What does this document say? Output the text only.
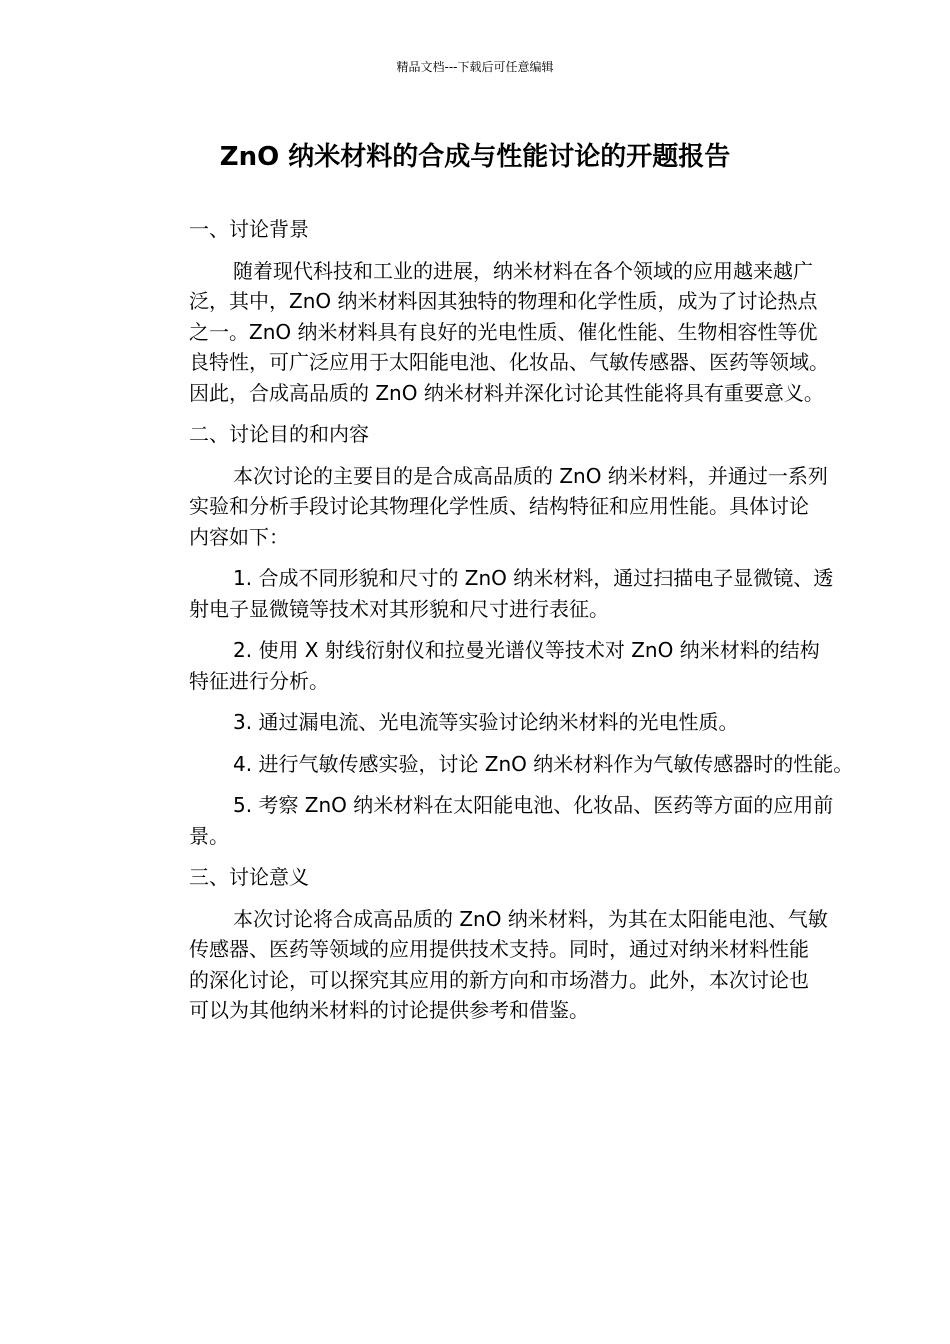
精品文档---下载后可任意编辑
ZnO 纳米材料的合成与性能讨论的开题报告
一、讨论背景
随着现代科技和工业的进展，纳米材料在各个领域的应用越来越广
泛，其中，ZnO 纳米材料因其独特的物理和化学性质，成为了讨论热点
之一。ZnO 纳米材料具有良好的光电性质、催化性能、生物相容性等优
良特性，可广泛应用于太阳能电池、化妆品、气敏传感器、医药等领域。
因此，合成高品质的 ZnO 纳米材料并深化讨论其性能将具有重要意义。
二、讨论目的和内容
本次讨论的主要目的是合成高品质的 ZnO 纳米材料，并通过一系列
实验和分析手段讨论其物理化学性质、结构特征和应用性能。具体讨论
内容如下：
1. 合成不同形貌和尺寸的 ZnO 纳米材料，通过扫描电子显微镜、透
射电子显微镜等技术对其形貌和尺寸进行表征。
2. 使用 X 射线衍射仪和拉曼光谱仪等技术对 ZnO 纳米材料的结构
特征进行分析。
3. 通过漏电流、光电流等实验讨论纳米材料的光电性质。
4. 进行气敏传感实验，讨论 ZnO 纳米材料作为气敏传感器时的性能。
5. 考察 ZnO 纳米材料在太阳能电池、化妆品、医药等方面的应用前
景。
三、讨论意义
本次讨论将合成高品质的 ZnO 纳米材料，为其在太阳能电池、气敏
传感器、医药等领域的应用提供技术支持。同时，通过对纳米材料性能
的深化讨论，可以探究其应用的新方向和市场潜力。此外，本次讨论也
可以为其他纳米材料的讨论提供参考和借鉴。
